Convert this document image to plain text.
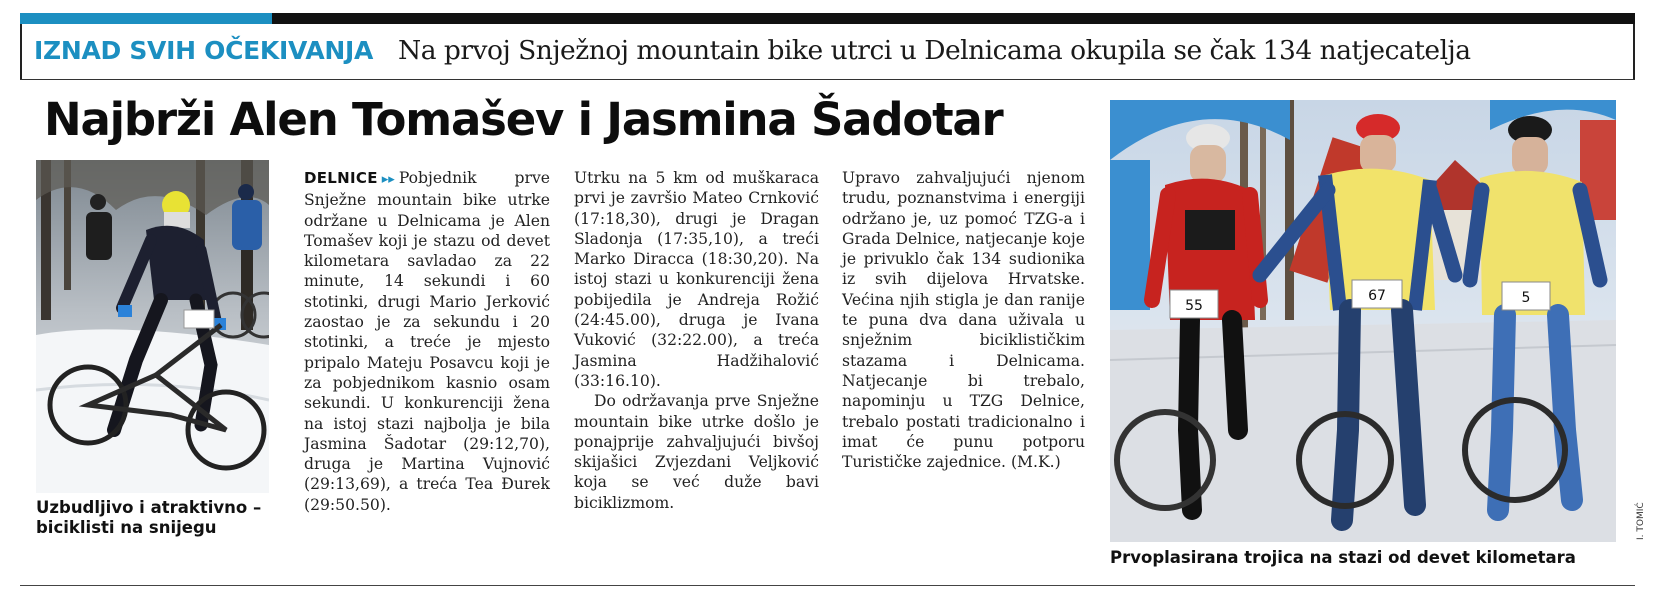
IZNAD SVIH OČEKIVANJA Na prvoj Snježnoj mountain bike utrci u Delnicama okupila se čak 134 natjecatelja
Najbrži Alen Tomašev i Jasmina Šadotar
Uzbudljivo i atraktivno –
biciklisti na snijegu

DELNICE ▸▸ Pobjednik prve Snježne mountain bike utrke održane u Delnicama je Alen Tomašev koji je stazu od devet kilometara savladao za 22 minute, 14 sekundi i 60 stotinki, drugi Mario Jerković zaostao je za sekundu i 20 stotinki, a treće je mjesto pripalo Mateju Posavcu koji je za pobjednikom kasnio osam sekundi. U konkurenciji žena na istoj stazi najbolja je bila Jasmina Šadotar (29:12,70), druga je Martina Vujnović (29:13,69), a treća Tea Đurek (29:50.50).

Utrku na 5 km od muškaraca prvi je završio Mateo Crnković (17:18,30), drugi je Dragan Sladonja (17:35,10), a treći Marko Diracca (18:30,20). Na istoj stazi u konkurenciji žena pobijedila je Andreja Rožić (24:45.00), druga je Ivana Vuković (32:22.00), a treća Jasmina Hadžihalović (33:16.10).

Do održavanja prve Snježne mountain bike utrke došlo je ponajprije zahvaljujući bivšoj skijašici Zvjezdani Veljković koja se već duže bavi biciklizmom.

Upravo zahvaljujući njenom trudu, poznanstvima i energiji održano je, uz pomoć TZG-a i Grada Delnice, natjecanje koje je privuklo čak 134 sudionika iz svih dijelova Hrvatske. Većina njih stigla je dan ranije te puna dva dana uživala u snježnim biciklističkim stazama i Delnicama. Natjecanje bi trebalo, napominju u TZG Delnice, trebalo postati tradicionalno i imat će punu potporu Turističke zajednice. (M.K.)

55
67	5
I. TOMIĆ
Prvoplasirana trojica na stazi od devet kilometara
